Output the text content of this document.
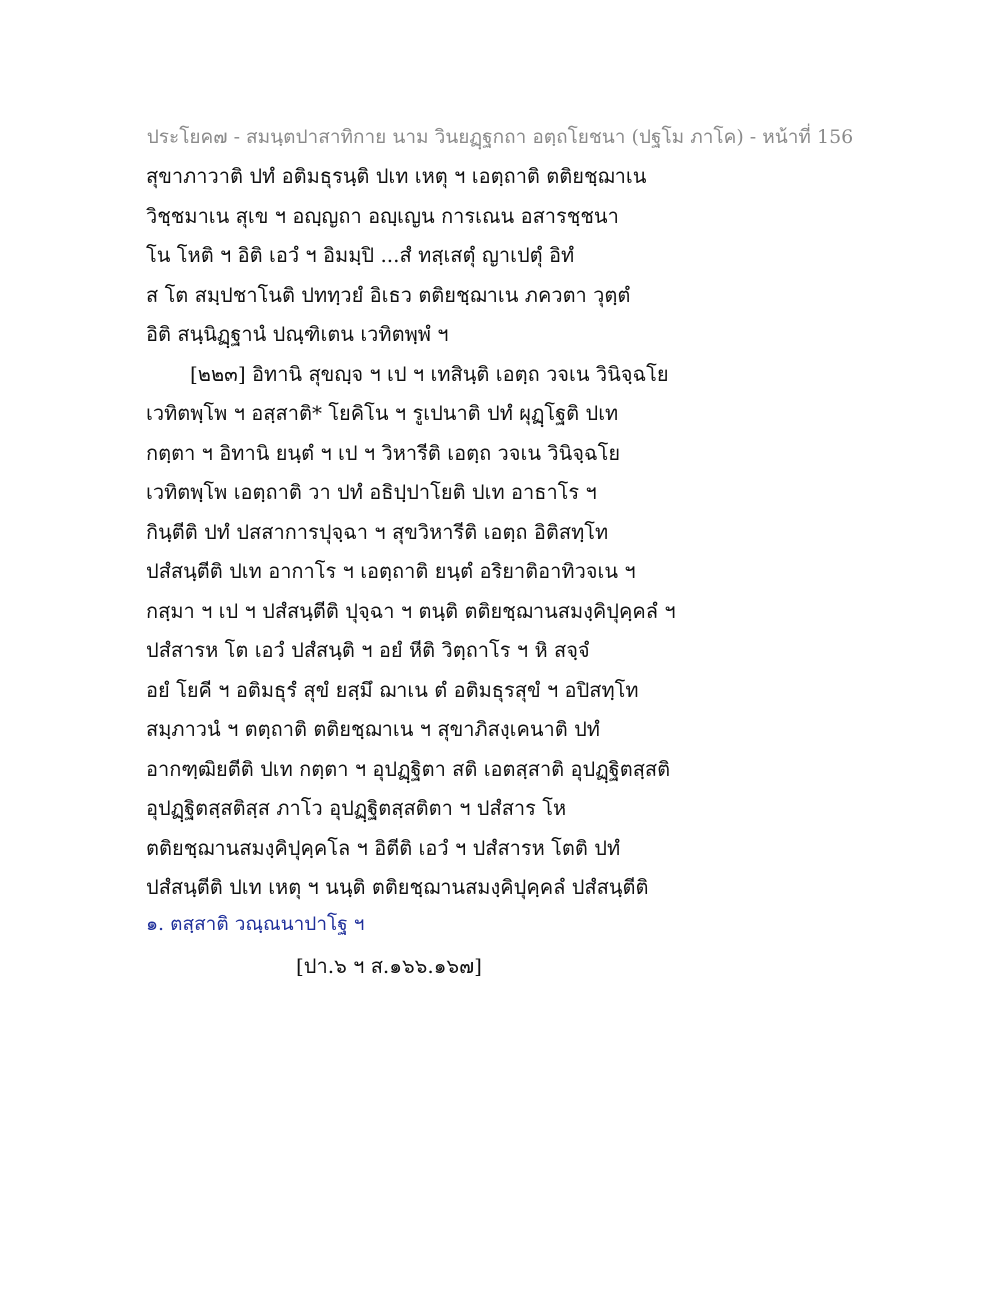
ประโยค๗ - สมนฺตปาสาทิกาย นาม วินยฏฺฐกถา อตฺถโยชนา (ปฐโม ภาโค) - หน้าที่ 156
สุขาภาวาติ ปทํ อติมธุรนฺติ ปเท เหตุ ฯ เอตฺถาติ ตติยชฺฌาเน
วิชฺชมาเน สุเข ฯ อญฺญถา อญฺเญน การเณน อสารชฺชนา
โน โหติ ฯ อิติ เอวํ ฯ อิมมฺปิ ...สํ ทสฺเสตุํ ญาเปตุํ อิทํ
ส โต สมฺปชาโนติ ปททฺวยํ อิเธว ตติยชฺฌาเน ภควตา วุตฺตํ
อิติ สนฺนิฏฺฐานํ ปณฺฑิเตน เวทิตพฺพํ ฯ
[๒๒๓] อิทานิ สุขญฺจ ฯ เป ฯ เทสินฺติ เอตฺถ วจเน วินิจฺฉโย
เวทิตพฺโพ ฯ อสฺสาติ* โยคิโน ฯ รูเปนาติ ปทํ ผุฏฺโฐติ ปเท
กตฺตา ฯ อิทานิ ยนฺตํ ฯ เป ฯ วิหารีติ เอตฺถ วจเน วินิจฺฉโย
เวทิตพฺโพ เอตฺถาติ วา ปทํ อธิปฺปาโยติ ปเท อาธาโร ฯ
กินฺตีติ ปทํ ปสสาการปุจฺฉา ฯ สุขวิหารีติ เอตฺถ อิติสทฺโท
ปสํสนฺตีติ ปเท อากาโร ฯ เอตฺถาติ ยนฺตํ อริยาติอาทิวจเน ฯ
กสฺมา ฯ เป ฯ ปสํสนฺตีติ ปุจฺฉา ฯ ตนฺติ ตติยชฺฌานสมงฺคิปุคฺคลํ ฯ
ปสํสารห โต เอวํ ปสํสนฺติ ฯ อยํ หีติ วิตฺถาโร ฯ หิ สจฺจํ
อยํ โยคี ฯ อติมธุรํ สุขํ ยสฺมึ ฌาเน ตํ อติมธุรสุขํ ฯ อปิสทฺโท
สมฺภาวนํ ฯ ตตฺถาติ ตติยชฺฌาเน ฯ สุขาภิสงฺเคนาติ ปทํ
อากฑฺฒิยตีติ ปเท กตฺตา ฯ อุปฏฺฐิตา สติ เอตสฺสาติ อุปฏฺฐิตสฺสติ
อุปฏฺฐิตสฺสติสฺส ภาโว อุปฏฺฐิตสฺสติตา ฯ ปสํสาร โห
ตติยชฺฌานสมงฺคิปุคฺคโล ฯ อิตีติ เอวํ ฯ ปสํสารห โตติ ปทํ
ปสํสนฺตีติ ปเท เหตุ ฯ นนฺติ ตติยชฺฌานสมงฺคิปุคฺคลํ ปสํสนฺตีติ
๑. ตสฺสาติ วณฺณนาปาโฐ ฯ
[ปา.๖ ฯ ส.๑๖๖.๑๖๗]
